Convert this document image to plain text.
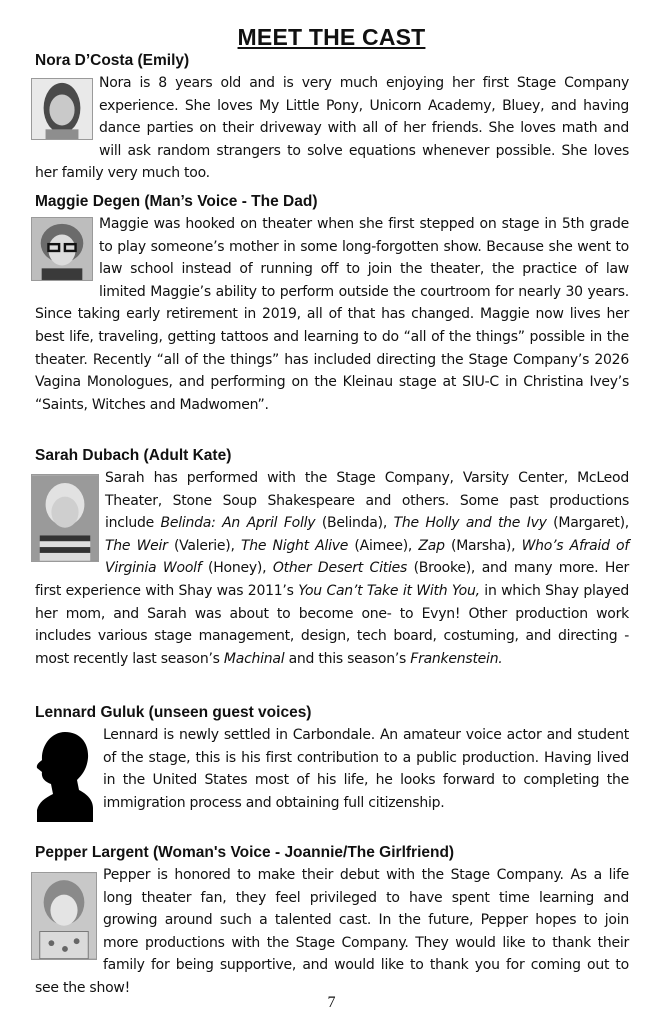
MEET THE CAST

Nora D’Costa (Emily)

Nora is 8 years old and is very much enjoying her first Stage Company experience. She loves My Little Pony, Unicorn Academy, Bluey, and having dance parties on their driveway with all of her friends. She loves math and will ask random strangers to solve equations whenever possible. She loves her family very much too.

Maggie Degen (Man’s Voice - The Dad)

Maggie was hooked on theater when she first stepped on stage in 5th grade to play someone’s mother in some long-forgotten show. Because she went to law school instead of running off to join the theater, the practice of law limited Maggie’s ability to perform outside the courtroom for nearly 30 years. Since taking early retirement in 2019, all of that has changed. Maggie now lives her best life, traveling, getting tattoos and learning to do “all of the things” possible in the theater. Recently “all of the things” has included directing the Stage Company’s 2026 Vagina Monologues, and performing on the Kleinau stage at SIU-C in Christina Ivey’s “Saints, Witches and Madwomen”.

Sarah Dubach (Adult Kate)

Sarah has performed with the Stage Company, Varsity Center, McLeod Theater, Stone Soup Shakespeare and others. Some past productions include Belinda: An April Folly (Belinda), The Holly and the Ivy (Margaret), The Weir (Valerie), The Night Alive (Aimee), Zap (Marsha), Who’s Afraid of Virginia Woolf (Honey), Other Desert Cities (Brooke), and many more. Her first experience with Shay was 2011’s You Can’t Take it With You, in which Shay played her mom, and Sarah was about to become one- to Evyn! Other production work includes various stage management, design, tech board, costuming, and directing - most recently last season’s Machinal and this season’s Frankenstein.

Lennard Guluk (unseen guest voices)

Lennard is newly settled in Carbondale. An amateur voice actor and student of the stage, this is his first contribution to a public production. Having lived in the United States most of his life, he looks forward to completing the immigration process and obtaining full citizenship.

Pepper Largent (Woman's Voice - Joannie/The Girlfriend)

Pepper is honored to make their debut with the Stage Company. As a life long theater fan, they feel privileged to have spent time learning and growing around such a talented cast. In the future, Pepper hopes to join more productions with the Stage Company. They would like to thank their family for being supportive, and would like to thank you for coming out to see the show!

7
